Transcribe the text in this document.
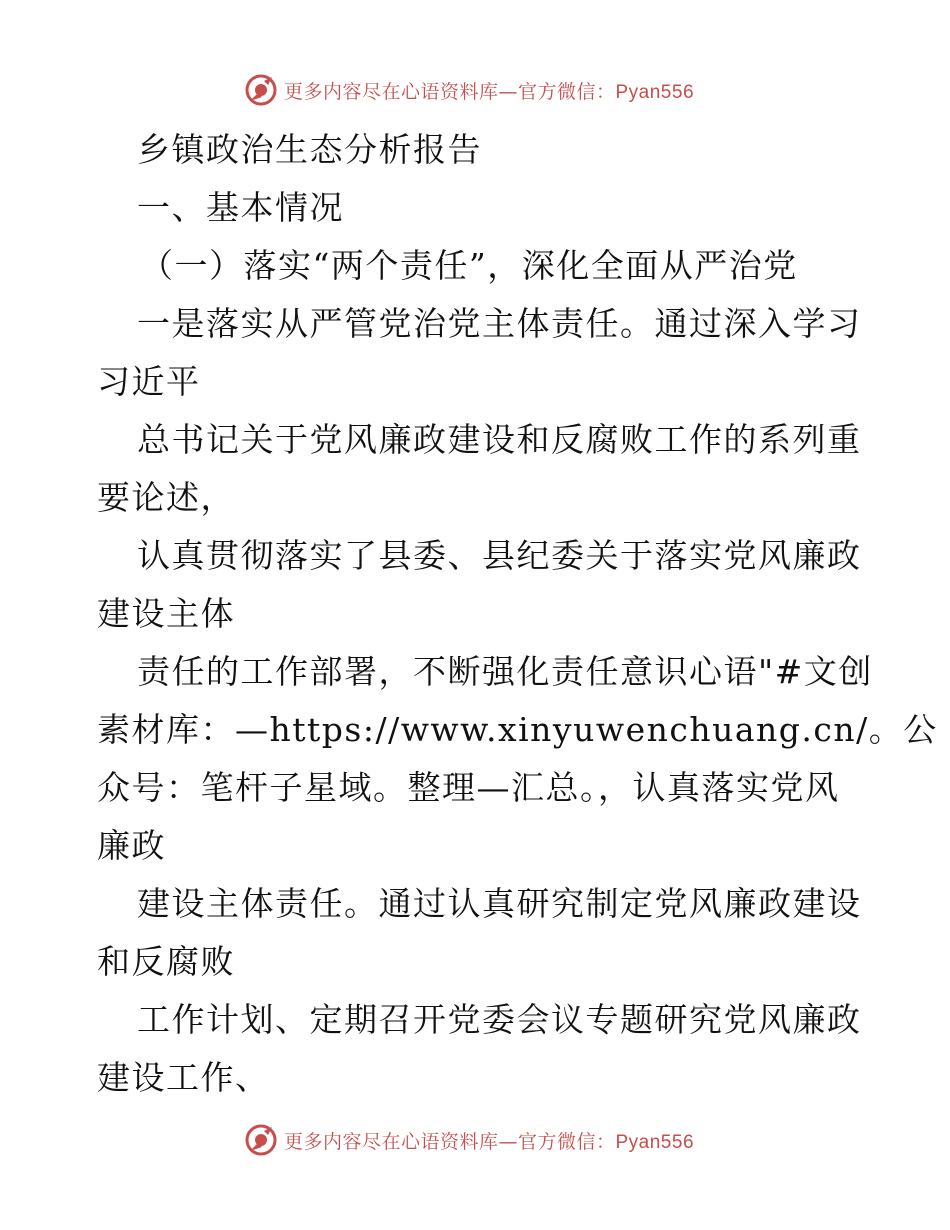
更多内容尽在心语资料库—官方微信：Pyan556
乡镇政治生态分析报告
一、基本情况
（一）落实“两个责任”，深化全面从严治党
一是落实从严管党治党主体责任。通过深入学习
习近平
总书记关于党风廉政建设和反腐败工作的系列重
要论述，
认真贯彻落实了县委、县纪委关于落实党风廉政
建设主体
责任的工作部署，不断强化责任意识心语"#文创
素材库：—https://www.xinyuwenchuang.cn/。公
众号：笔杆子星域。整理—汇总。，认真落实党风
廉政
建设主体责任。通过认真研究制定党风廉政建设
和反腐败
工作计划、定期召开党委会议专题研究党风廉政
建设工作、
更多内容尽在心语资料库—官方微信：Pyan556
